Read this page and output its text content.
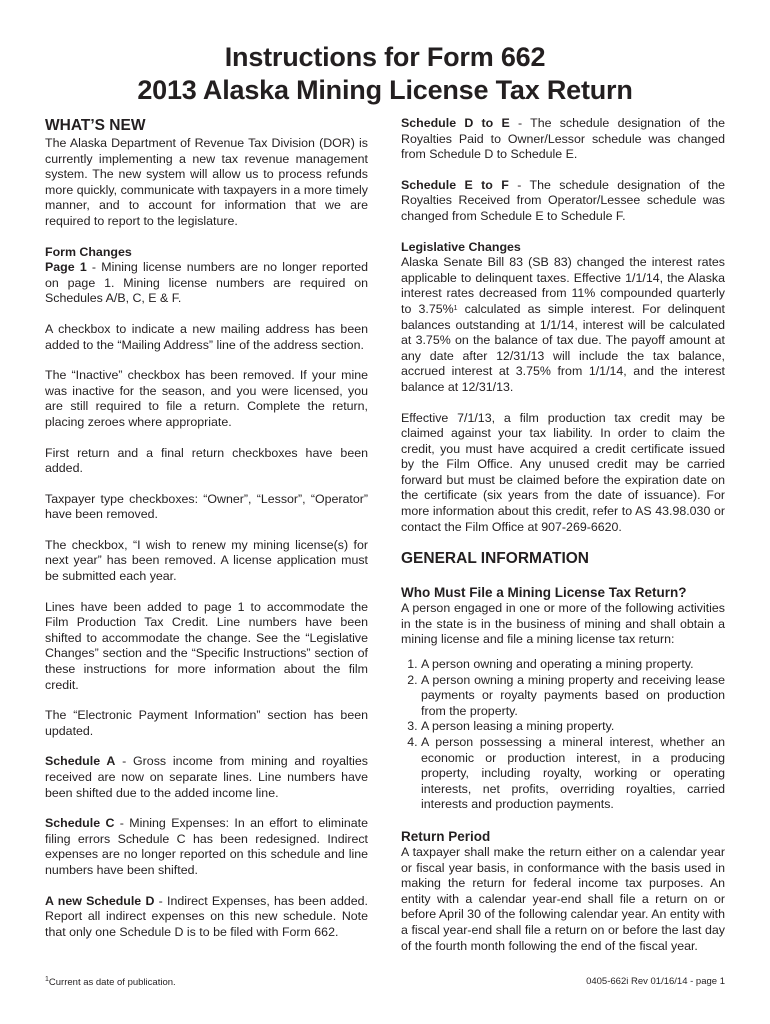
Instructions for Form 662
2013 Alaska Mining License Tax Return
WHAT’S NEW

The Alaska Department of Revenue Tax Division (DOR) is currently implementing a new tax revenue management system. The new system will allow us to process refunds more quickly, communicate with taxpayers in a more timely manner, and to account for information that we are required to report to the legislature.

Form Changes

Page 1 - Mining license numbers are no longer reported on page 1. Mining license numbers are required on Schedules A/B, C, E & F.

A checkbox to indicate a new mailing address has been added to the “Mailing Address” line of the address section.

The “Inactive” checkbox has been removed. If your mine was inactive for the season, and you were licensed, you are still required to file a return. Complete the return, placing zeroes where appropriate.

First return and a final return checkboxes have been added.

Taxpayer type checkboxes: “Owner”, “Lessor”, “Operator” have been removed.

The checkbox, “I wish to renew my mining license(s) for next year” has been removed. A license application must be submitted each year.

Lines have been added to page 1 to accommodate the Film Production Tax Credit. Line numbers have been shifted to accommodate the change. See the “Legislative Changes” section and the “Specific Instructions” section of these instructions for more information about the film credit.

The “Electronic Payment Information” section has been updated.

Schedule A - Gross income from mining and royalties received are now on separate lines. Line numbers have been shifted due to the added income line.

Schedule C - Mining Expenses: In an effort to eliminate filing errors Schedule C has been redesigned. Indirect expenses are no longer reported on this schedule and line numbers have been shifted.

A new Schedule D - Indirect Expenses, has been added. Report all indirect expenses on this new schedule. Note that only one Schedule D is to be filed with Form 662.

Schedule D to E - The schedule designation of the Royalties Paid to Owner/Lessor schedule was changed from Schedule D to Schedule E.

Schedule E to F - The schedule designation of the Royalties Received from Operator/Lessee schedule was changed from Schedule E to Schedule F.

Legislative Changes

Alaska Senate Bill 83 (SB 83) changed the interest rates applicable to delinquent taxes. Effective 1/1/14, the Alaska interest rates decreased from 11% compounded quarterly to 3.75%$^1$ calculated as simple interest. For delinquent balances outstanding at 1/1/14, interest will be calculated at 3.75% on the balance of tax due. The payoff amount at any date after 12/31/13 will include the tax balance, accrued interest at 3.75% from 1/1/14, and the interest balance at 12/31/13.

Effective 7/1/13, a film production tax credit may be claimed against your tax liability. In order to claim the credit, you must have acquired a credit certificate issued by the Film Office. Any unused credit may be carried forward but must be claimed before the expiration date on the certificate (six years from the date of issuance). For more information about this credit, refer to AS 43.98.030 or contact the Film Office at 907-269-6620.

GENERAL INFORMATION

Who Must File a Mining License Tax Return?

A person engaged in one or more of the following activities in the state is in the business of mining and shall obtain a mining license and file a mining license tax return:

1. A person owning and operating a mining property.
2. A person owning a mining property and receiving lease payments or royalty payments based on production from the property.
3. A person leasing a mining property.
4. A person possessing a mineral interest, whether an economic or production interest, in a producing property, including royalty, working or operating interests, net profits, overriding royalties, carried interests and production payments.

Return Period

A taxpayer shall make the return either on a calendar year or fiscal year basis, in conformance with the basis used in making the return for federal income tax purposes. An entity with a calendar year-end shall file a return on or before April 30 of the following calendar year. An entity with a fiscal year-end shall file a return on or before the last day of the fourth month following the end of the fiscal year.

$^1$Current as date of publication.	0405-662i Rev 01/16/14 - page 1
